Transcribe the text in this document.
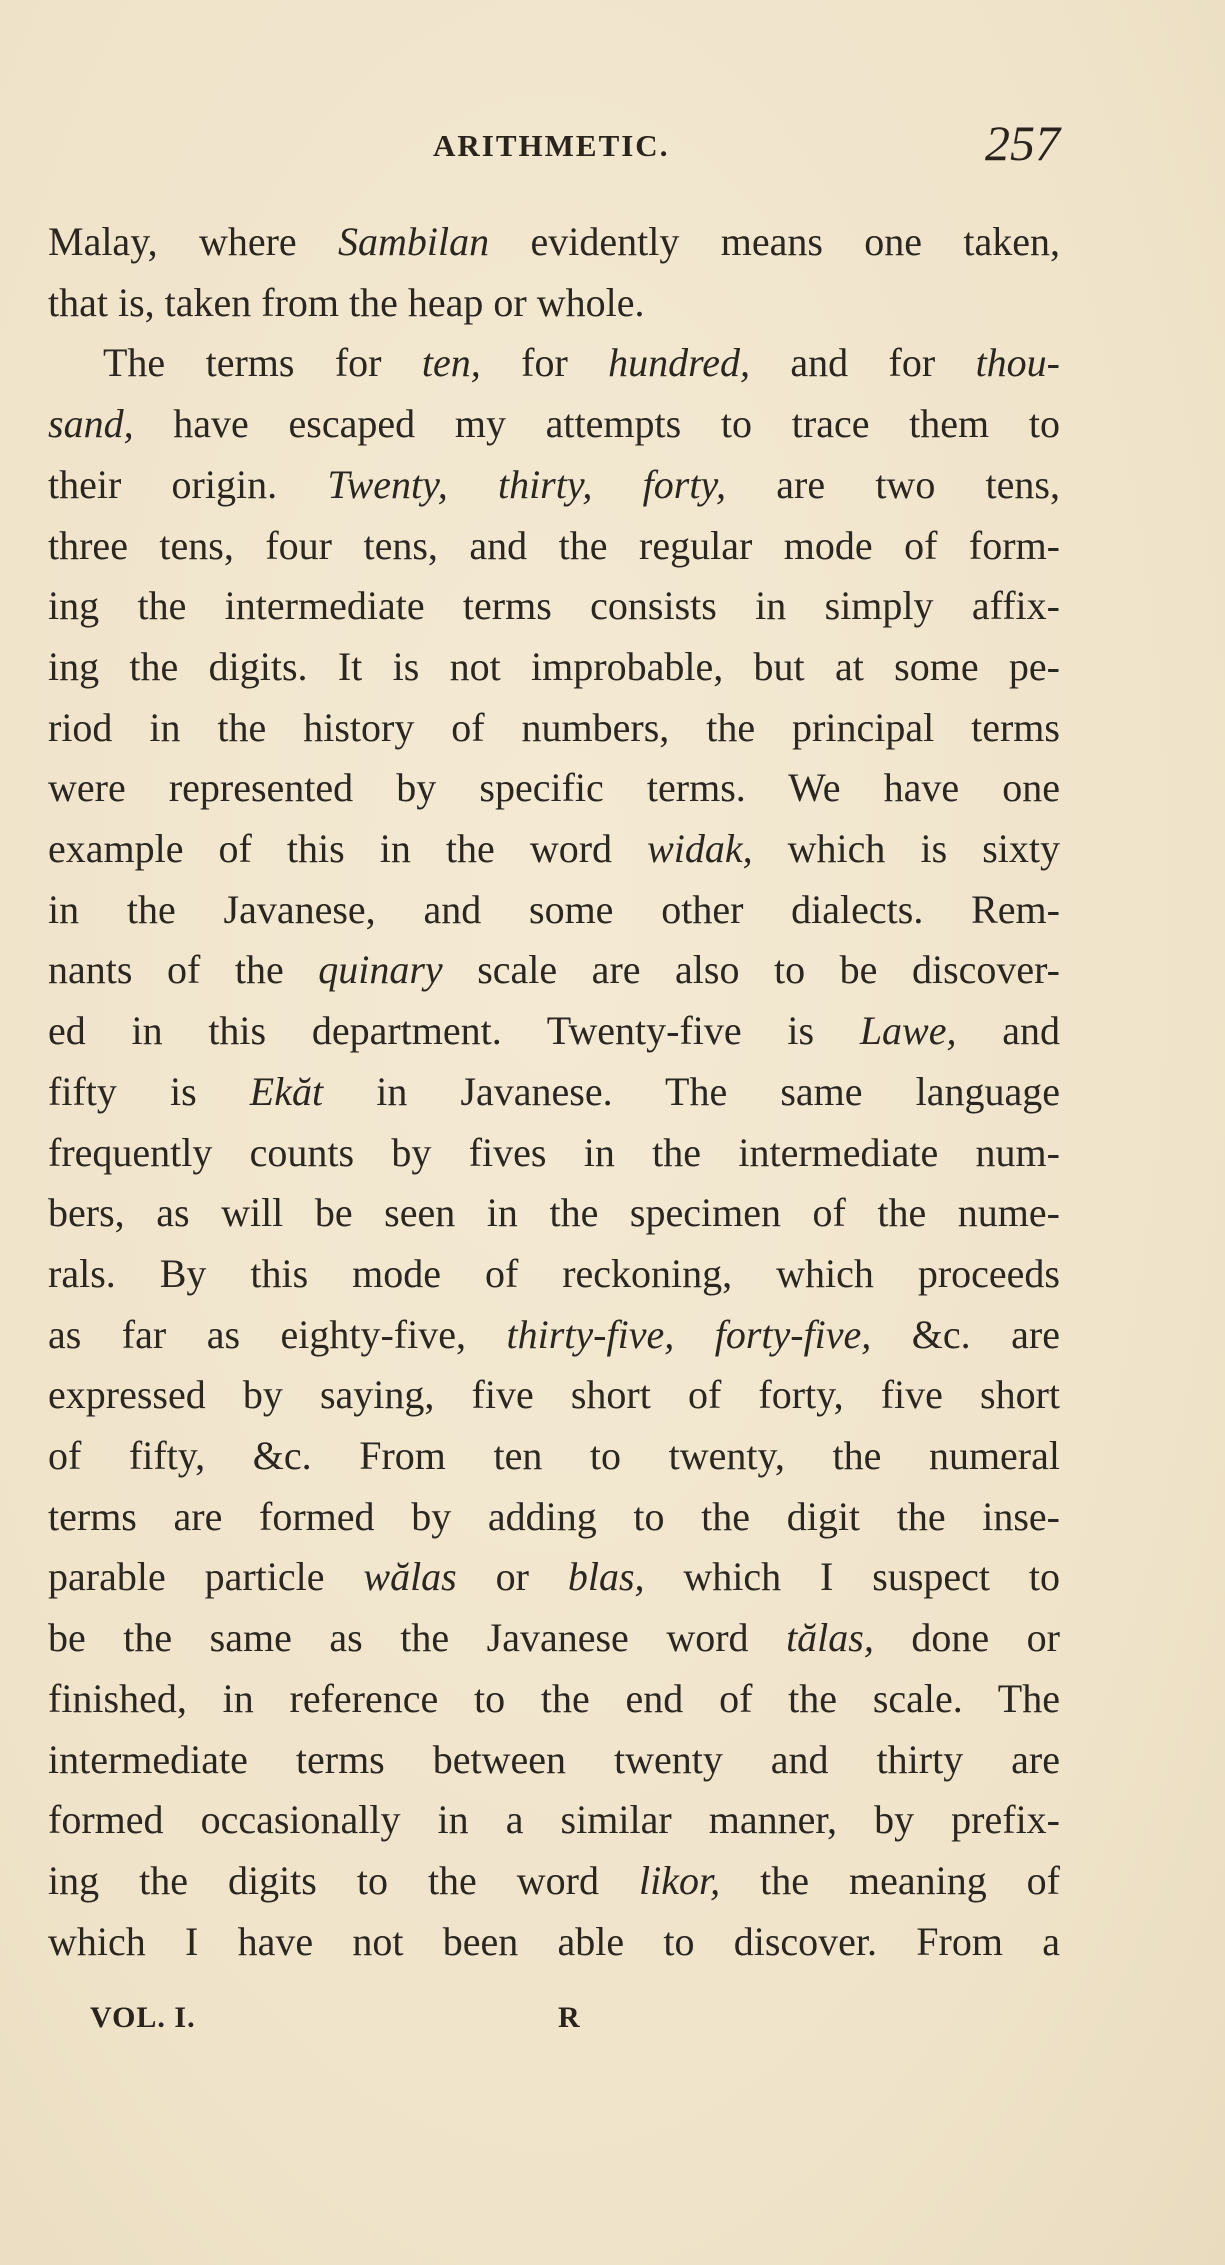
ARITHMETIC.	257
Malay, where Sambilan evidently means one taken,
that is, taken from the heap or whole.
The terms for ten, for hundred, and for thou-
sand, have escaped my attempts to trace them to
their origin. Twenty, thirty, forty, are two tens,
three tens, four tens, and the regular mode of form-
ing the intermediate terms consists in simply affix-
ing the digits. It is not improbable, but at some pe-
riod in the history of numbers, the principal terms
were represented by specific terms. We have one
example of this in the word widak, which is sixty
in the Javanese, and some other dialects. Rem-
nants of the quinary scale are also to be discover-
ed in this department. Twenty-five is Lawe, and
fifty is Ekăt in Javanese. The same language
frequently counts by fives in the intermediate num-
bers, as will be seen in the specimen of the nume-
rals. By this mode of reckoning, which proceeds
as far as eighty-five, thirty-five, forty-five, &c. are
expressed by saying, five short of forty, five short
of fifty, &c. From ten to twenty, the numeral
terms are formed by adding to the digit the inse-
parable particle wălas or blas, which I suspect to
be the same as the Javanese word tălas, done or
finished, in reference to the end of the scale. The
intermediate terms between twenty and thirty are
formed occasionally in a similar manner, by prefix-
ing the digits to the word likor, the meaning of
which I have not been able to discover. From a
VOL. I.	R
